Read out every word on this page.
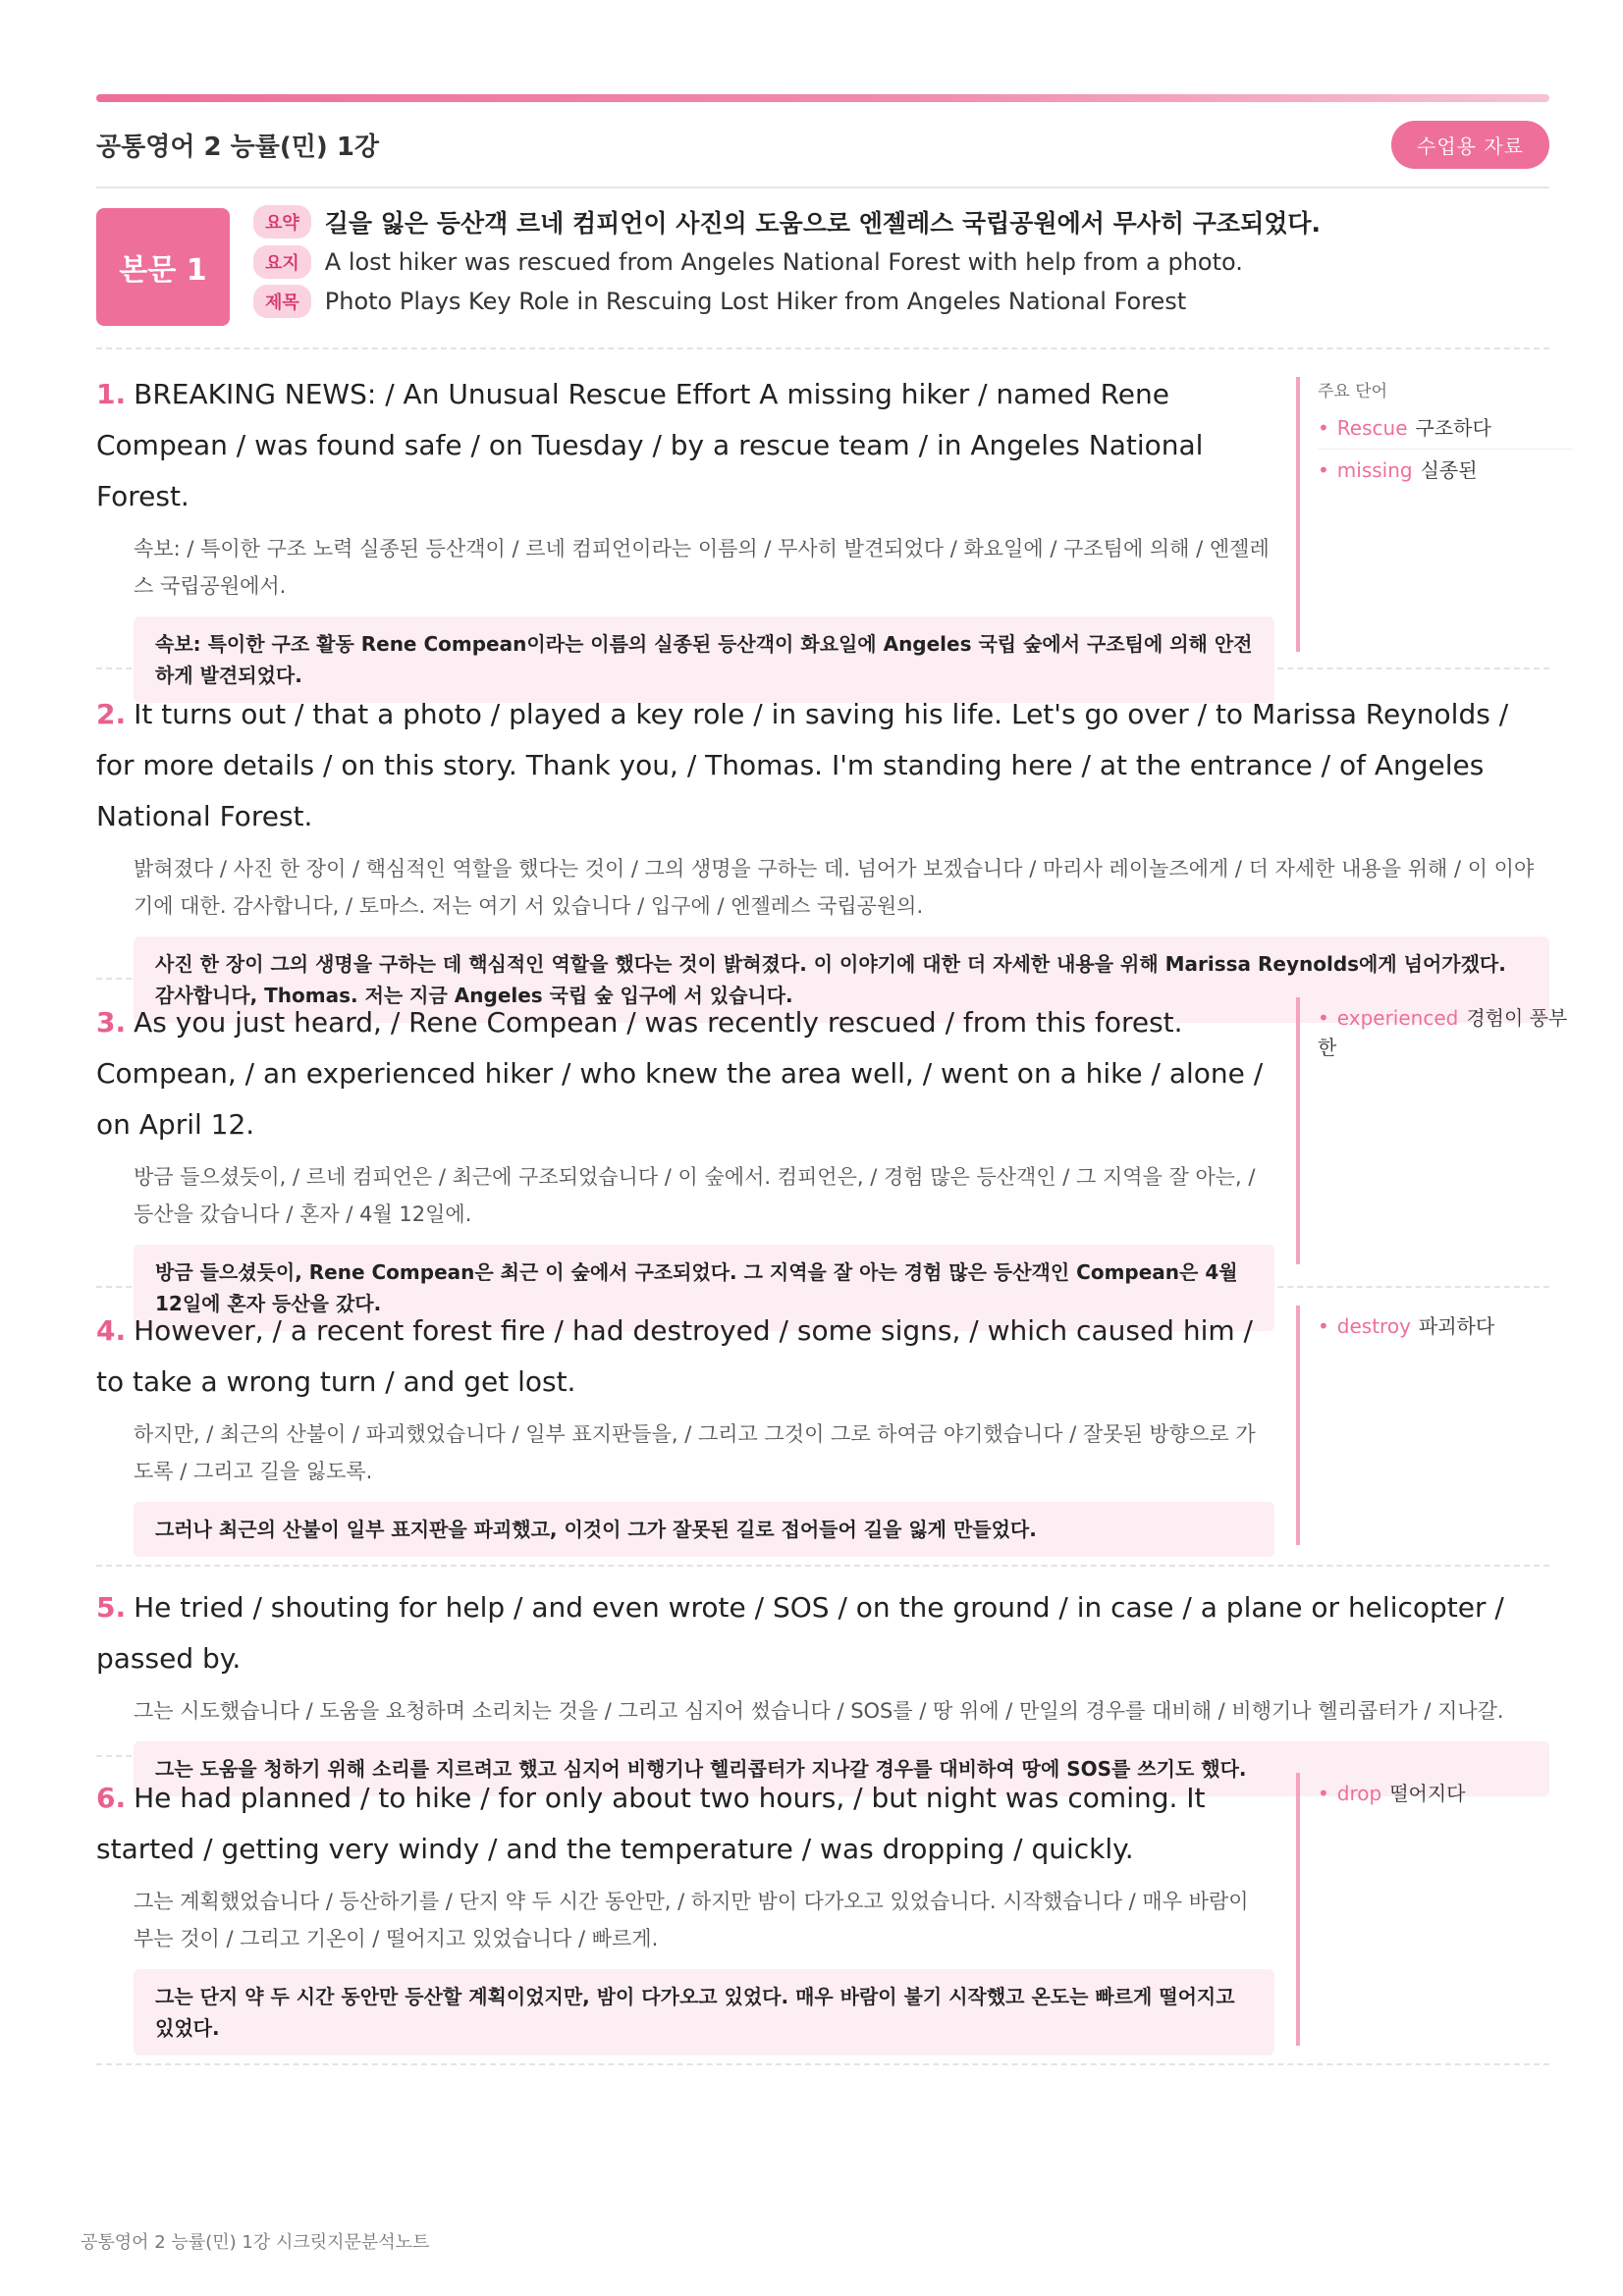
공통영어 2 능률(민) 1강	수업용 자료
본문 1
요약	길을 잃은 등산객 르네 컴피언이 사진의 도움으로 엔젤레스 국립공원에서 무사히 구조되었다.
요지	A lost hiker was rescued from Angeles National Forest with help from a photo.
제목	Photo Plays Key Role in Rescuing Lost Hiker from Angeles National Forest

1. BREAKING NEWS: / An Unusual Rescue Effort A missing hiker / named Rene Compean / was found safe / on Tuesday / by a rescue team / in Angeles National Forest.

속보: / 특이한 구조 노력 실종된 등산객이 / 르네 컴피언이라는 이름의 / 무사히 발견되었다 / 화요일에 / 구조팀에 의해 / 엔젤레스 국립공원에서.
속보: 특이한 구조 활동 Rene Compean이라는 이름의 실종된 등산객이 화요일에 Angeles 국립 숲에서 구조팀에 의해 안전하게 발견되었다.
주요 단어
• Rescue 구조하다
• missing 실종된

2. It turns out / that a photo / played a key role / in saving his life. Let's go over / to Marissa Reynolds / for more details / on this story. Thank you, / Thomas. I'm standing here / at the entrance / of Angeles National Forest.

밝혀졌다 / 사진 한 장이 / 핵심적인 역할을 했다는 것이 / 그의 생명을 구하는 데. 넘어가 보겠습니다 / 마리사 레이놀즈에게 / 더 자세한 내용을 위해 / 이 이야기에 대한. 감사합니다, / 토마스. 저는 여기 서 있습니다 / 입구에 / 엔젤레스 국립공원의.
사진 한 장이 그의 생명을 구하는 데 핵심적인 역할을 했다는 것이 밝혀졌다. 이 이야기에 대한 더 자세한 내용을 위해 Marissa Reynolds에게 넘어가겠다. 감사합니다, Thomas. 저는 지금 Angeles 국립 숲 입구에 서 있습니다.

3. As you just heard, / Rene Compean / was recently rescued / from this forest. Compean, / an experienced hiker / who knew the area well, / went on a hike / alone / on April 12.

방금 들으셨듯이, / 르네 컴피언은 / 최근에 구조되었습니다 / 이 숲에서. 컴피언은, / 경험 많은 등산객인 / 그 지역을 잘 아는, / 등산을 갔습니다 / 혼자 / 4월 12일에.
방금 들으셨듯이, Rene Compean은 최근 이 숲에서 구조되었다. 그 지역을 잘 아는 경험 많은 등산객인 Compean은 4월 12일에 혼자 등산을 갔다.
• experienced 경험이 풍부한

4. However, / a recent forest fire / had destroyed / some signs, / which caused him / to take a wrong turn / and get lost.

하지만, / 최근의 산불이 / 파괴했었습니다 / 일부 표지판들을, / 그리고 그것이 그로 하여금 야기했습니다 / 잘못된 방향으로 가도록 / 그리고 길을 잃도록.
그러나 최근의 산불이 일부 표지판을 파괴했고, 이것이 그가 잘못된 길로 접어들어 길을 잃게 만들었다.
• destroy 파괴하다

5. He tried / shouting for help / and even wrote / SOS / on the ground / in case / a plane or helicopter / passed by.

그는 시도했습니다 / 도움을 요청하며 소리치는 것을 / 그리고 심지어 썼습니다 / SOS를 / 땅 위에 / 만일의 경우를 대비해 / 비행기나 헬리콥터가 / 지나갈.
그는 도움을 청하기 위해 소리를 지르려고 했고 심지어 비행기나 헬리콥터가 지나갈 경우를 대비하여 땅에 SOS를 쓰기도 했다.

6. He had planned / to hike / for only about two hours, / but night was coming. It started / getting very windy / and the temperature / was dropping / quickly.

그는 계획했었습니다 / 등산하기를 / 단지 약 두 시간 동안만, / 하지만 밤이 다가오고 있었습니다. 시작했습니다 / 매우 바람이 부는 것이 / 그리고 기온이 / 떨어지고 있었습니다 / 빠르게.
그는 단지 약 두 시간 동안만 등산할 계획이었지만, 밤이 다가오고 있었다. 매우 바람이 불기 시작했고 온도는 빠르게 떨어지고 있었다.
• drop 떨어지다
공통영어 2 능률(민) 1강 시크릿지문분석노트
